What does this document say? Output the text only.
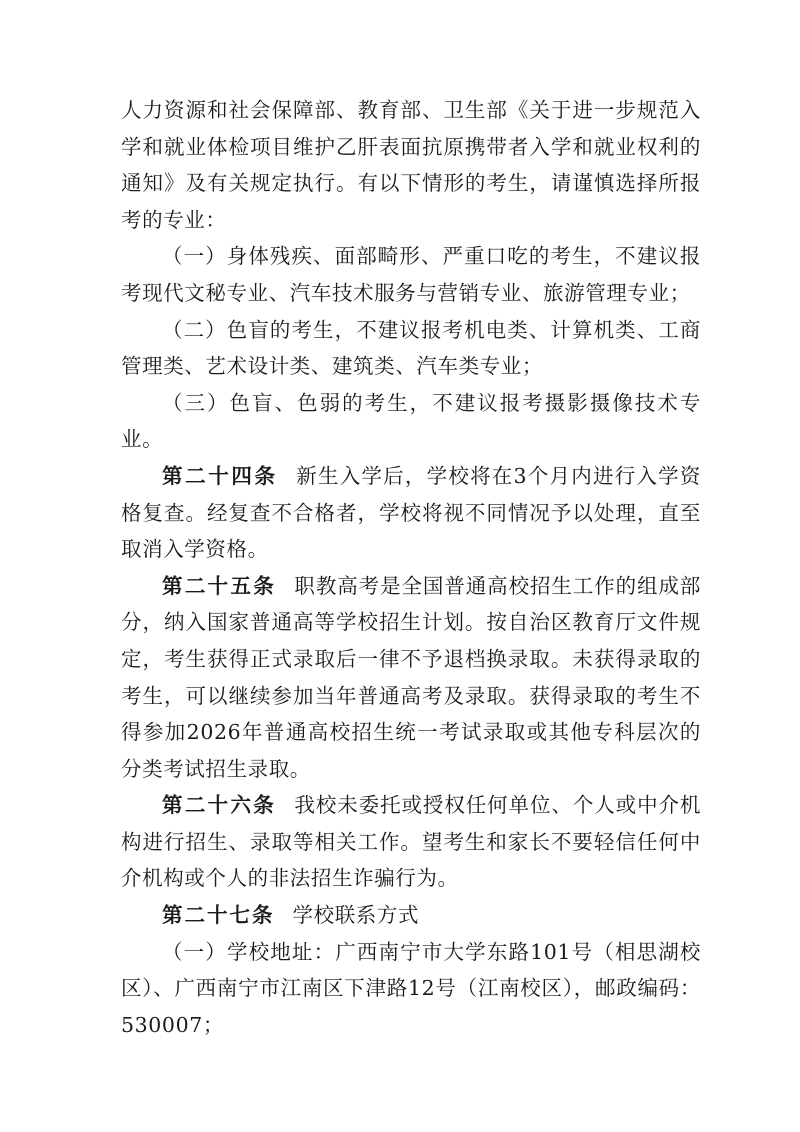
人力资源和社会保障部、教育部、卫生部《关于进一步规范入学和就业体检项目维护乙肝表面抗原携带者入学和就业权利的通知》及有关规定执行。有以下情形的考生，请谨慎选择所报考的专业：

（一）身体残疾、面部畸形、严重口吃的考生，不建议报考现代文秘专业、汽车技术服务与营销专业、旅游管理专业；

（二）色盲的考生，不建议报考机电类、计算机类、工商管理类、艺术设计类、建筑类、汽车类专业；

（三）色盲、色弱的考生，不建议报考摄影摄像技术专业。

第二十四条 新生入学后，学校将在3个月内进行入学资格复查。经复查不合格者，学校将视不同情况予以处理，直至取消入学资格。

第二十五条 职教高考是全国普通高校招生工作的组成部分，纳入国家普通高等学校招生计划。按自治区教育厅文件规定，考生获得正式录取后一律不予退档换录取。未获得录取的考生，可以继续参加当年普通高考及录取。获得录取的考生不得参加2026年普通高校招生统一考试录取或其他专科层次的分类考试招生录取。

第二十六条 我校未委托或授权任何单位、个人或中介机构进行招生、录取等相关工作。望考生和家长不要轻信任何中介机构或个人的非法招生诈骗行为。

第二十七条 学校联系方式

（一）学校地址：广西南宁市大学东路101号（相思湖校区）、广西南宁市江南区下津路12号（江南校区），邮政编码：530007；
